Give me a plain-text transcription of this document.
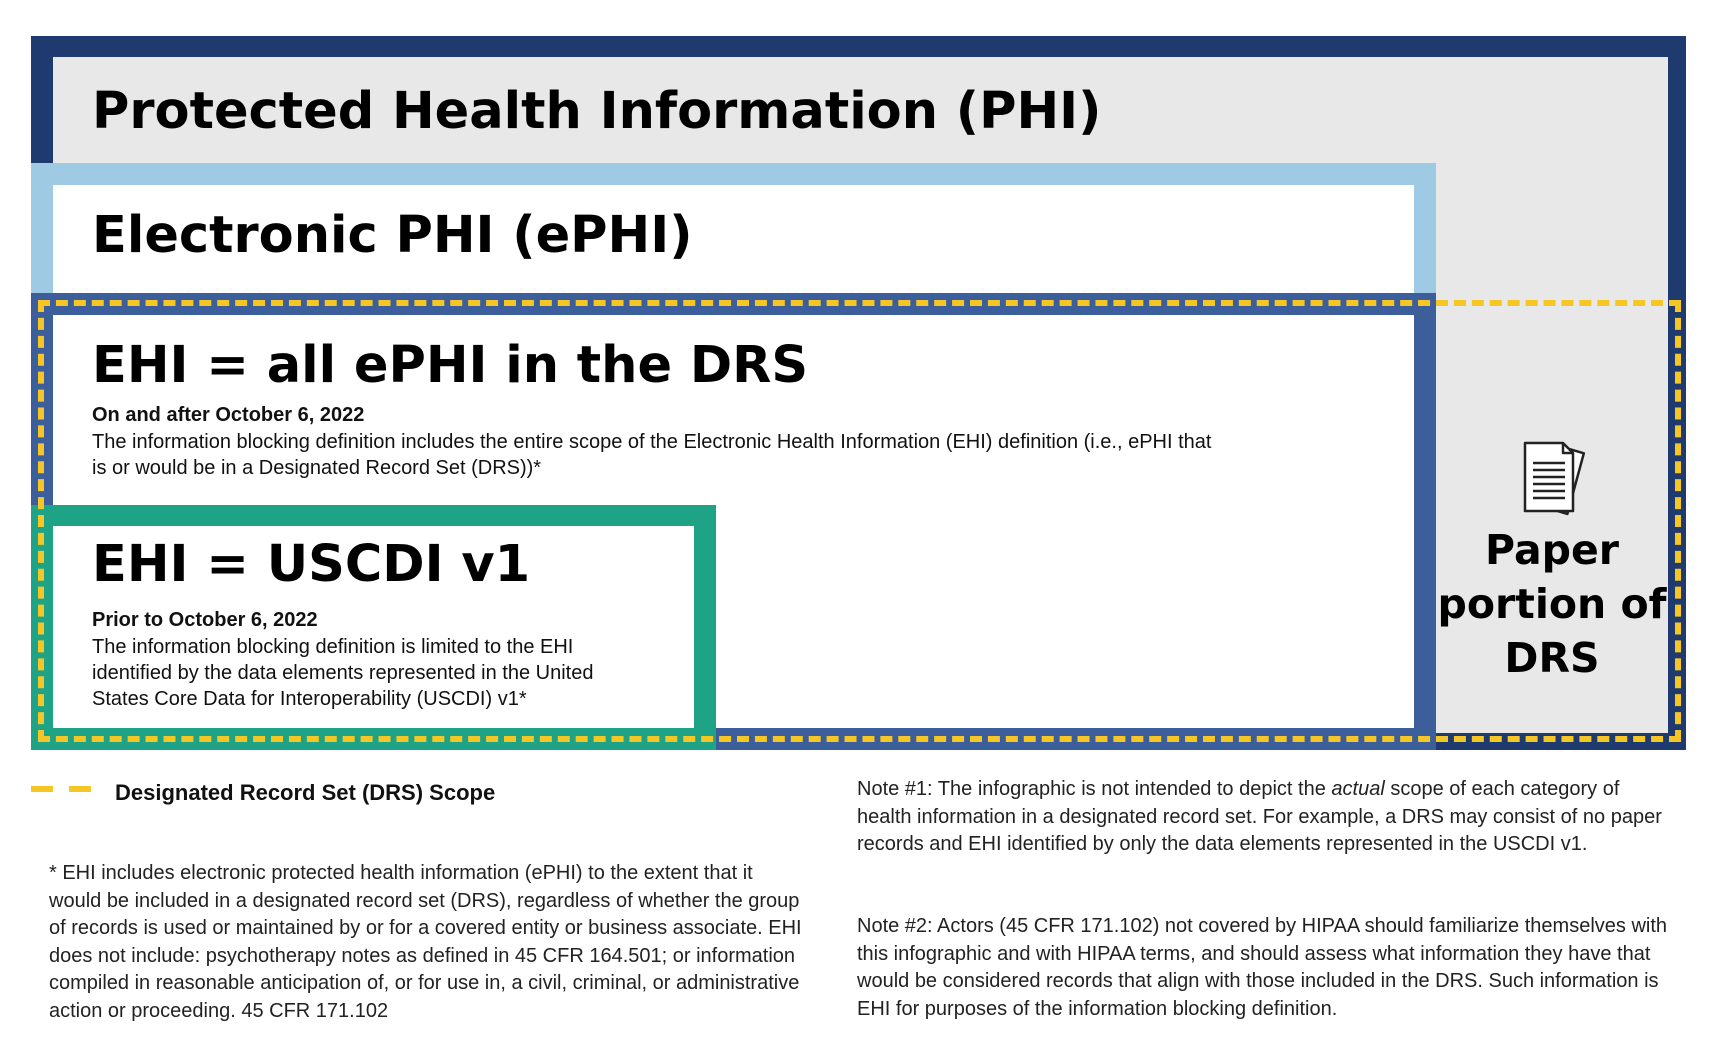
Protected Health Information (PHI)
Electronic PHI (ePHI)
EHI = all ePHI in the DRS
On and after October 6, 2022
The information blocking definition includes the entire scope of the Electronic Health Information (EHI) definition (i.e., ePHI that is or would be in a Designated Record Set (DRS))*
EHI = USCDI v1
Prior to October 6, 2022
The information blocking definition is limited to the EHI identified by the data elements represented in the United States Core Data for Interoperability (USCDI) v1*
Paper portion of DRS
Designated Record Set (DRS) Scope
* EHI includes electronic protected health information (ePHI) to the extent that it would be included in a designated record set (DRS), regardless of whether the group of records is used or maintained by or for a covered entity or business associate. EHI does not include: psychotherapy notes as defined in 45 CFR 164.501; or information compiled in reasonable anticipation of, or for use in, a civil, criminal, or administrative action or proceeding. 45 CFR 171.102
Note #1: The infographic is not intended to depict the actual scope of each category of health information in a designated record set. For example, a DRS may consist of no paper records and EHI identified by only the data elements represented in the USCDI v1.
Note #2: Actors (45 CFR 171.102) not covered by HIPAA should familiarize themselves with this infographic and with HIPAA terms, and should assess what information they have that would be considered records that align with those included in the DRS. Such information is EHI for purposes of the information blocking definition.
